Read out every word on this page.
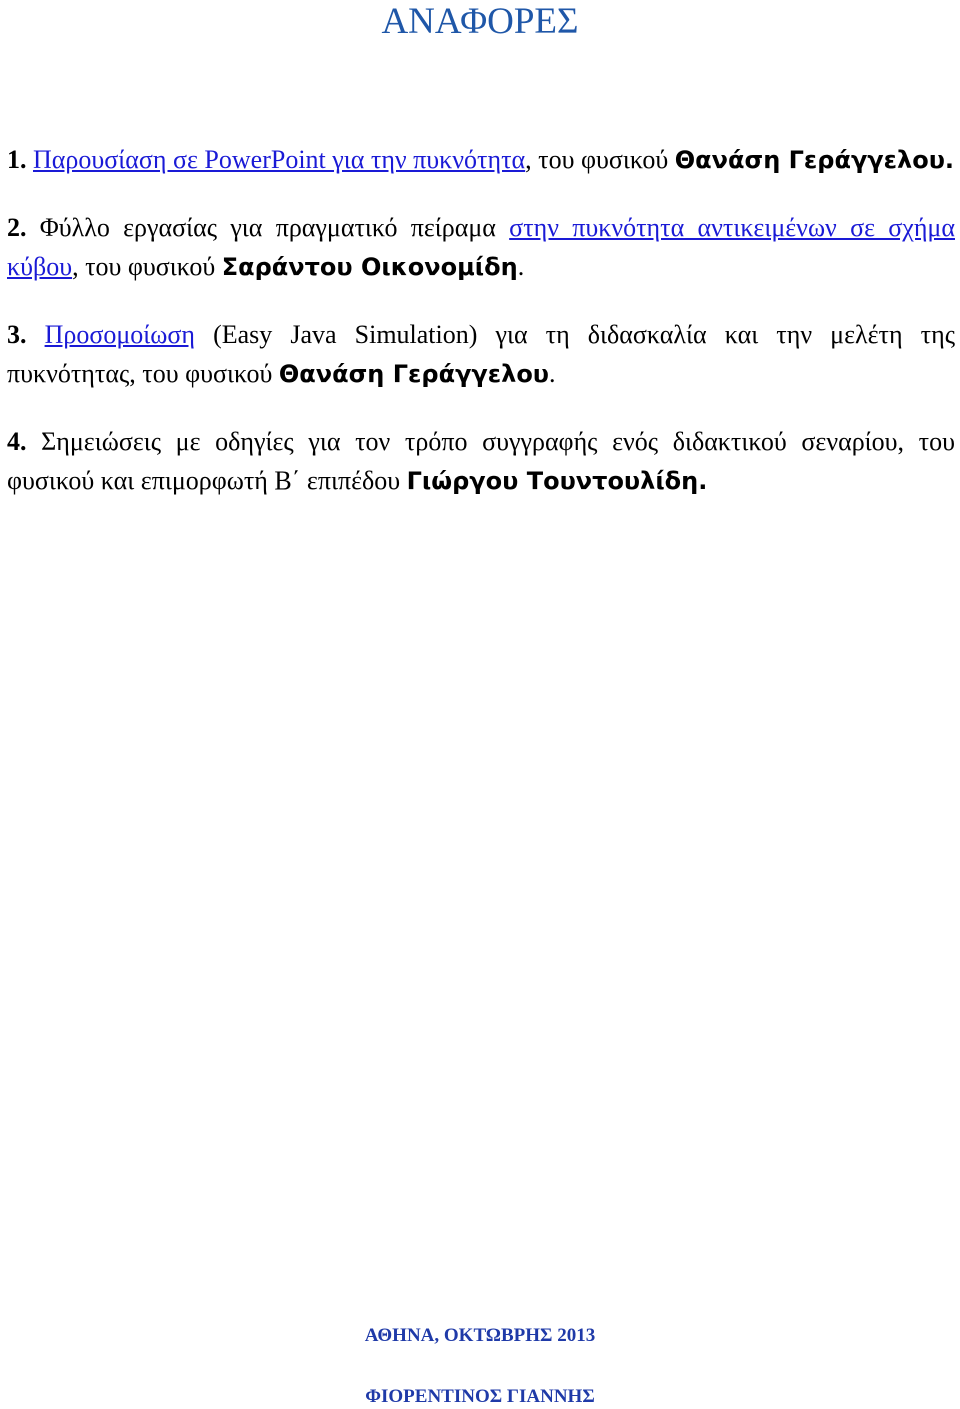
ΑΝΑΦΟΡΕΣ

1. Παρουσίαση σε PowerPoint για την πυκνότητα, του φυσικού Θανάση Γεράγγελου.

2. Φύλλο εργασίας για πραγματικό πείραμα στην πυκνότητα αντικειμένων σε σχήμα κύβου, του φυσικού Σαράντου Οικονομίδη.

3. Προσομοίωση (Easy Java Simulation) για τη διδασκαλία και την μελέτη της πυκνότητας, του φυσικού Θανάση Γεράγγελου.

4. Σημειώσεις με οδηγίες για τον τρόπο συγγραφής ενός διδακτικού σεναρίου, του φυσικού και επιμορφωτή Β΄ επιπέδου Γιώργου Τουντουλίδη.

ΑΘΗΝΑ, ΟΚΤΩΒΡΗΣ 2013

ΦΙΟΡΕΝΤΙΝΟΣ ΓΙΑΝΝΗΣ
